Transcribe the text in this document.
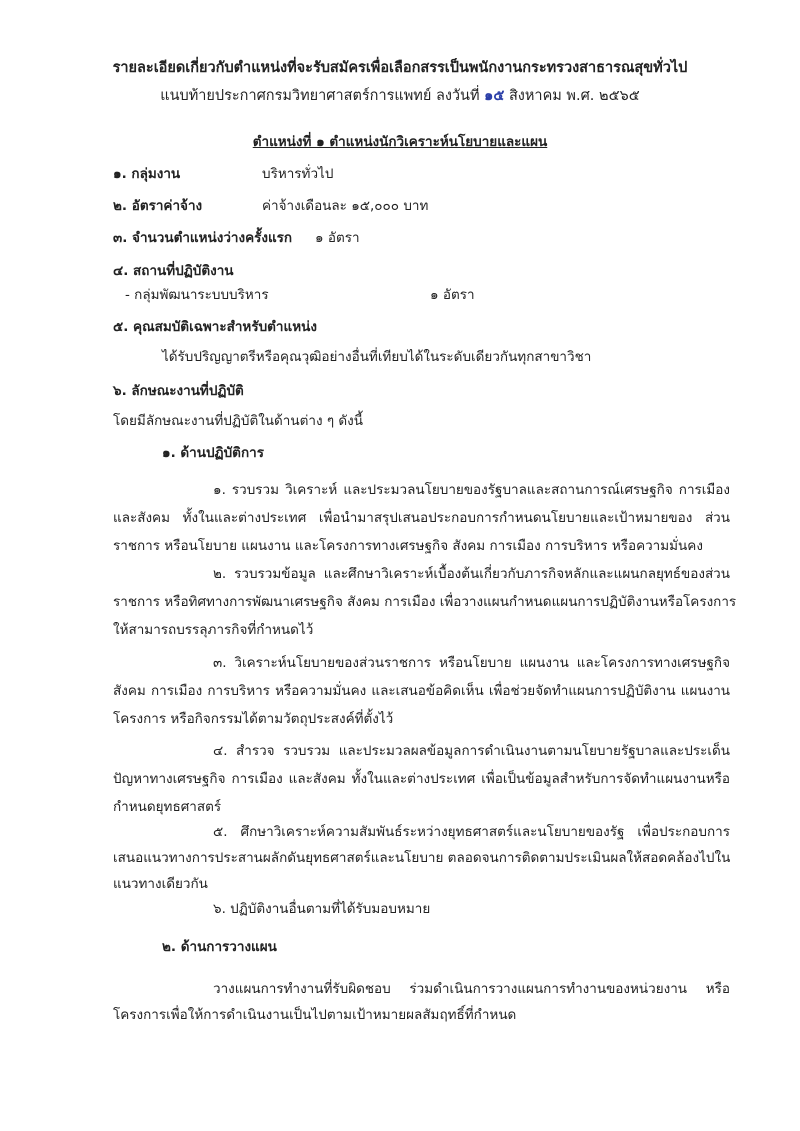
รายละเอียดเกี่ยวกับตำแหน่งที่จะรับสมัครเพื่อเลือกสรรเป็นพนักงานกระทรวงสาธารณสุขทั่วไป
แนบท้ายประกาศกรมวิทยาศาสตร์การแพทย์ ลงวันที่ ๑๕ สิงหาคม พ.ศ. ๒๕๖๕
ตำแหน่งที่ ๑ ตำแหน่งนักวิเคราะห์นโยบายและแผน
๑. กลุ่มงาน	บริหารทั่วไป
๒. อัตราค่าจ้าง	ค่าจ้างเดือนละ ๑๕,๐๐๐ บาท
๓. จำนวนตำแหน่งว่างครั้งแรก ๑ อัตรา
๔. สถานที่ปฏิบัติงาน
- กลุ่มพัฒนาระบบบริหาร	๑ อัตรา
๕. คุณสมบัติเฉพาะสำหรับตำแหน่ง
ได้รับปริญญาตรีหรือคุณวุฒิอย่างอื่นที่เทียบได้ในระดับเดียวกันทุกสาขาวิชา
๖. ลักษณะงานที่ปฏิบัติ
โดยมีลักษณะงานที่ปฏิบัติในด้านต่าง ๆ ดังนี้
๑. ด้านปฏิบัติการ
๑. รวบรวม วิเคราะห์ และประมวลนโยบายของรัฐบาลและสถานการณ์เศรษฐกิจ การเมือง
และสังคม ทั้งในและต่างประเทศ เพื่อนำมาสรุปเสนอประกอบการกำหนดนโยบายและเป้าหมายของ ส่วน
ราชการ หรือนโยบาย แผนงาน และโครงการทางเศรษฐกิจ สังคม การเมือง การบริหาร หรือความมั่นคง
๒. รวบรวมข้อมูล และศึกษาวิเคราะห์เบื้องต้นเกี่ยวกับภารกิจหลักและแผนกลยุทธ์ของส่วน
ราชการ หรือทิศทางการพัฒนาเศรษฐกิจ สังคม การเมือง เพื่อวางแผนกำหนดแผนการปฏิบัติงานหรือโครงการ
ให้สามารถบรรลุภารกิจที่กำหนดไว้
๓. วิเคราะห์นโยบายของส่วนราชการ หรือนโยบาย แผนงาน และโครงการทางเศรษฐกิจ
สังคม การเมือง การบริหาร หรือความมั่นคง และเสนอข้อคิดเห็น เพื่อช่วยจัดทำแผนการปฏิบัติงาน แผนงาน
โครงการ หรือกิจกรรมได้ตามวัตถุประสงค์ที่ตั้งไว้
๔. สำรวจ รวบรวม และประมวลผลข้อมูลการดำเนินงานตามนโยบายรัฐบาลและประเด็น
ปัญหาทางเศรษฐกิจ การเมือง และสังคม ทั้งในและต่างประเทศ เพื่อเป็นข้อมูลสำหรับการจัดทำแผนงานหรือ
กำหนดยุทธศาสตร์
๕. ศึกษาวิเคราะห์ความสัมพันธ์ระหว่างยุทธศาสตร์และนโยบายของรัฐ เพื่อประกอบการ
เสนอแนวทางการประสานผลักดันยุทธศาสตร์และนโยบาย ตลอดจนการติดตามประเมินผลให้สอดคล้องไปใน
แนวทางเดียวกัน
๖. ปฏิบัติงานอื่นตามที่ได้รับมอบหมาย
๒. ด้านการวางแผน
วางแผนการทำงานที่รับผิดชอบ ร่วมดำเนินการวางแผนการทำงานของหน่วยงาน หรือ
โครงการเพื่อให้การดำเนินงานเป็นไปตามเป้าหมายผลสัมฤทธิ์ที่กำหนด
